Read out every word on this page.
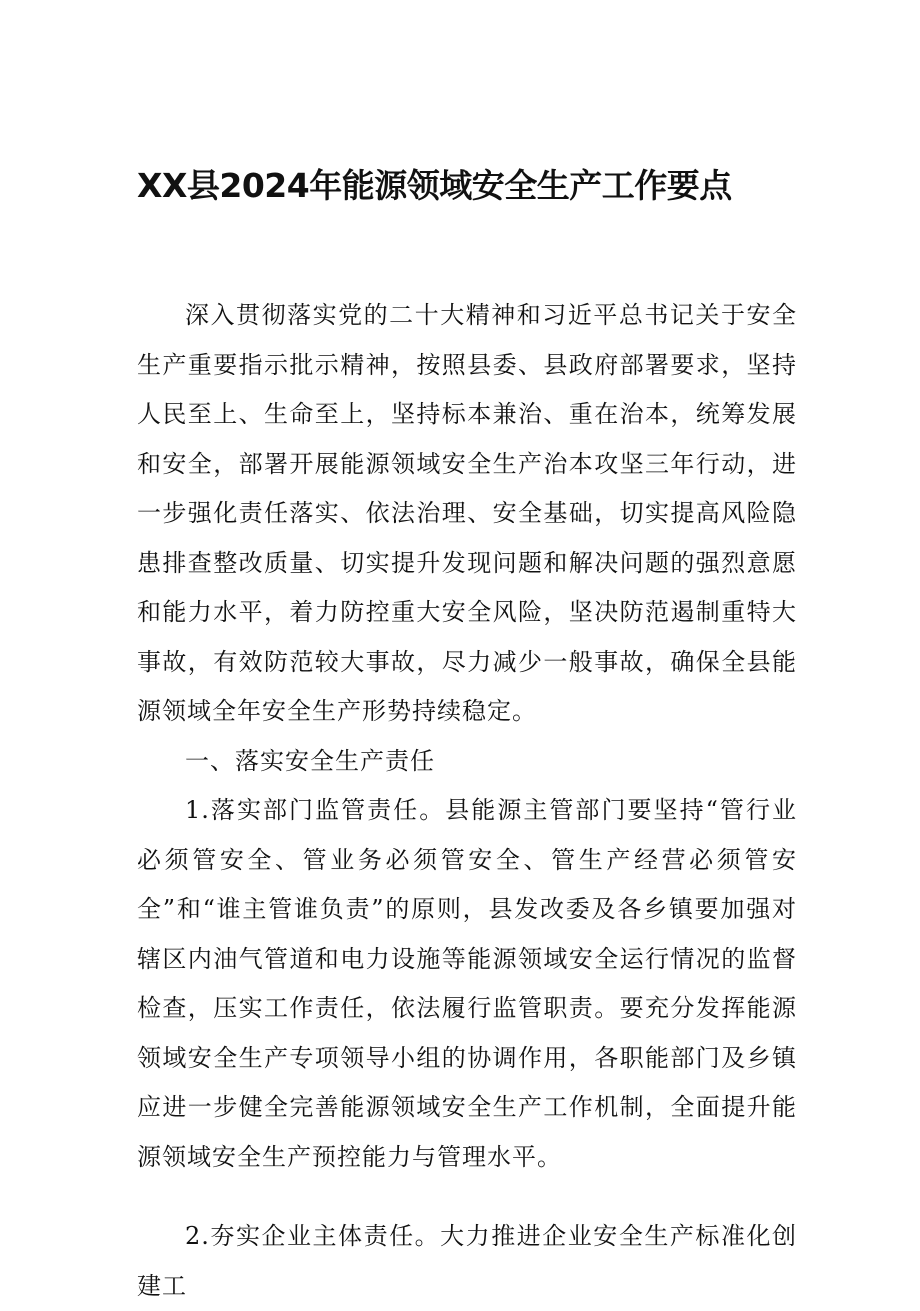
XX县2024年能源领域安全生产工作要点

深入贯彻落实党的二十大精神和习近平总书记关于安全生产重要指示批示精神，按照县委、县政府部署要求，坚持人民至上、生命至上，坚持标本兼治、重在治本，统筹发展和安全，部署开展能源领域安全生产治本攻坚三年行动，进一步强化责任落实、依法治理、安全基础，切实提高风险隐患排查整改质量、切实提升发现问题和解决问题的强烈意愿和能力水平，着力防控重大安全风险，坚决防范遏制重特大事故，有效防范较大事故，尽力减少一般事故，确保全县能源领域全年安全生产形势持续稳定。

一、落实安全生产责任

1.落实部门监管责任。县能源主管部门要坚持“管行业必须管安全、管业务必须管安全、管生产经营必须管安全”和“谁主管谁负责”的原则，县发改委及各乡镇要加强对辖区内油气管道和电力设施等能源领域安全运行情况的监督检查，压实工作责任，依法履行监管职责。要充分发挥能源领域安全生产专项领导小组的协调作用，各职能部门及乡镇应进一步健全完善能源领域安全生产工作机制，全面提升能源领域安全生产预控能力与管理水平。

2.夯实企业主体责任。大力推进企业安全生产标准化创建工
